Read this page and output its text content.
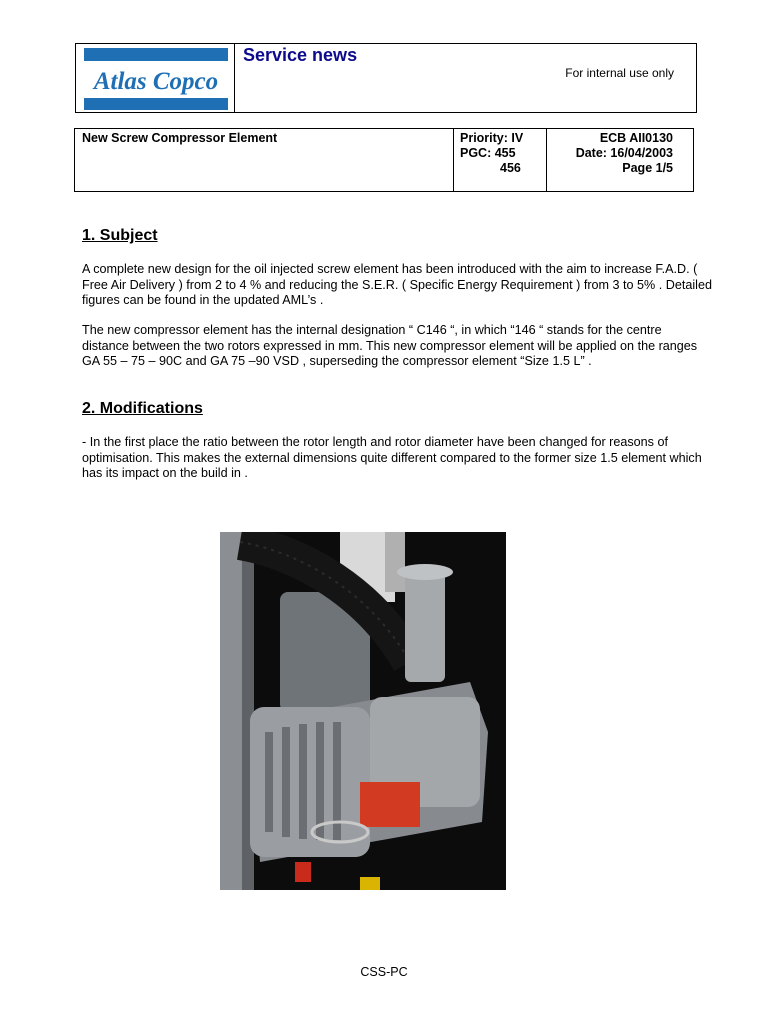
Atlas Copco
Service news
For internal use only
New Screw Compressor Element	Priority: IV
PGC: 455
456
ECB AII0130
Date: 16/04/2003
Page 1/5
1. Subject

A complete new design for the oil injected screw element has been introduced with the aim to increase F.A.D. ( Free Air Delivery ) from 2 to 4 % and reducing the S.E.R. ( Specific Energy Requirement ) from 3 to 5% . Detailed figures can be found in the updated AML’s .

The new compressor element has the internal designation “ C146 “, in which “146 “ stands for the centre distance between the two rotors expressed in mm. This new compressor element will be applied on the ranges GA 55 – 75 – 90C and GA 75 –90 VSD , superseding the compressor element “Size 1.5 L” .

2. Modifications

- In the first place the ratio between the rotor length and rotor diameter have been changed for reasons of optimisation. This makes the external dimensions quite different compared to the former size 1.5 element which has its impact on the build in .

CSS-PC
